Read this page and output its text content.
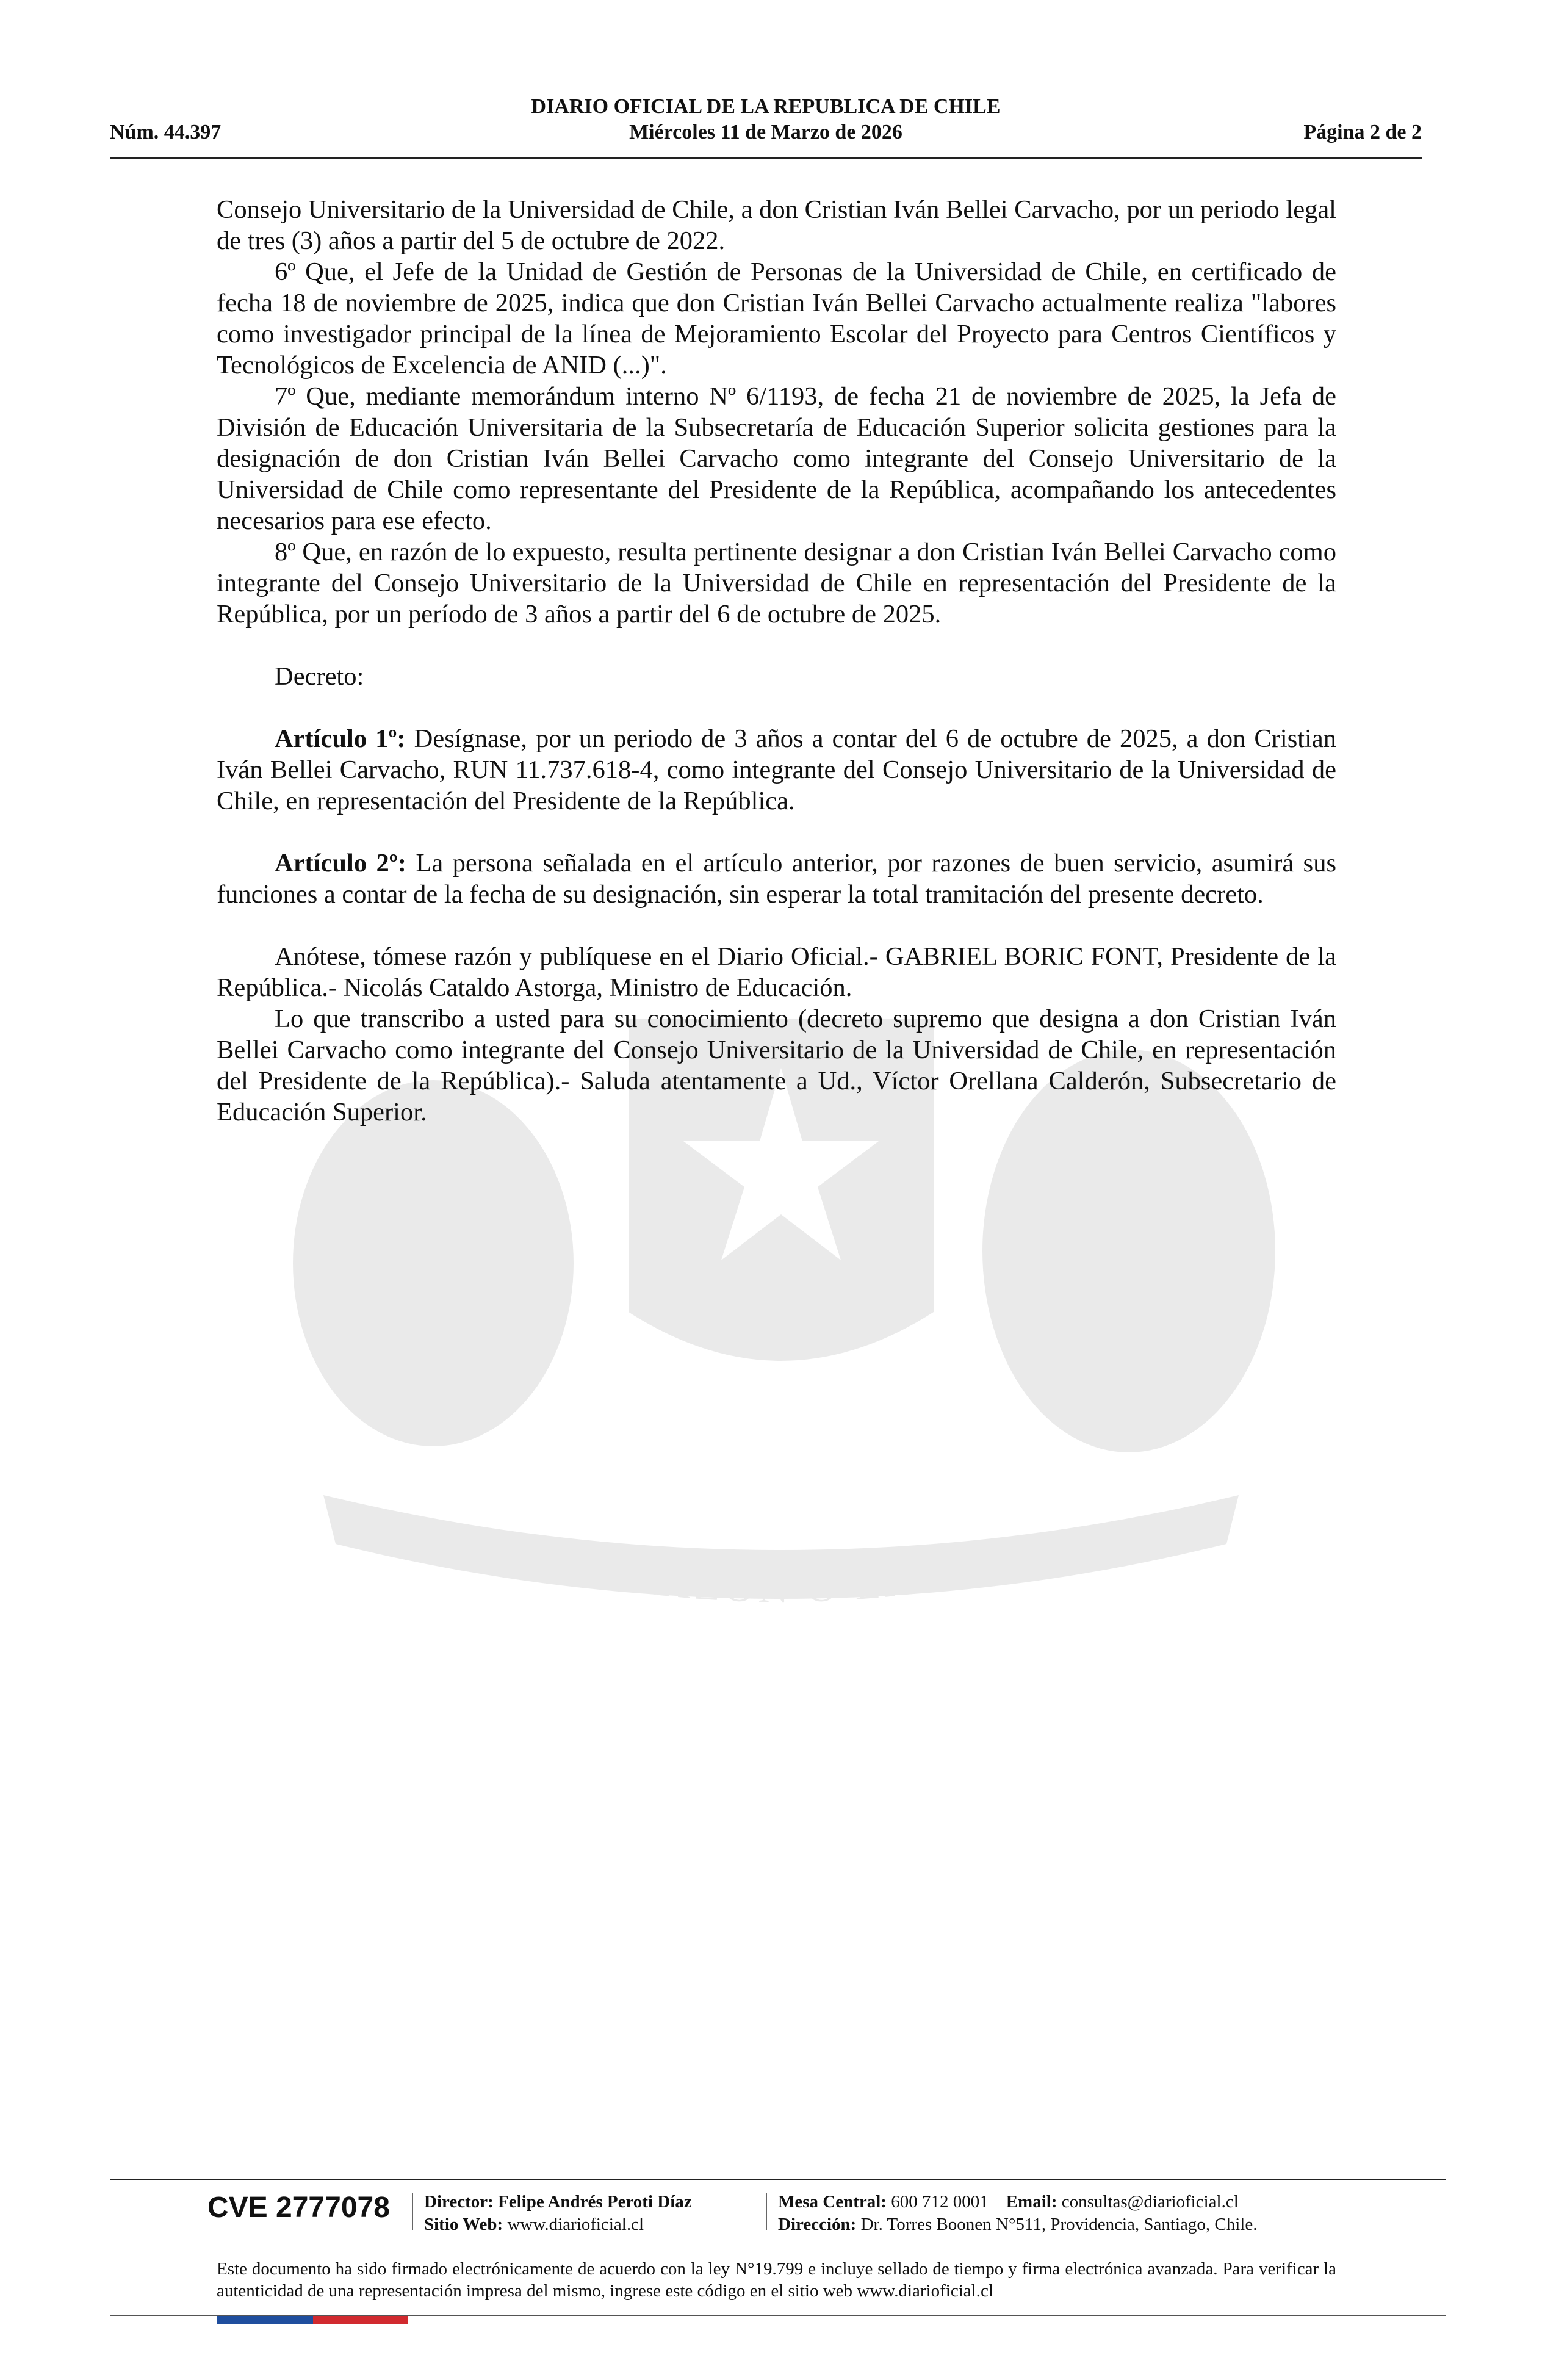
DIARIO OFICIAL DE LA REPUBLICA DE CHILE
Núm. 44.397	Miércoles 11 de Marzo de 2026	Página 2 de 2
POR LA RAZON O LA FUERZA

Consejo Universitario de la Universidad de Chile, a don Cristian Iván Bellei Carvacho, por un periodo legal de tres (3) años a partir del 5 de octubre de 2022.

6º Que, el Jefe de la Unidad de Gestión de Personas de la Universidad de Chile, en certificado de fecha 18 de noviembre de 2025, indica que don Cristian Iván Bellei Carvacho actualmente realiza "labores como investigador principal de la línea de Mejoramiento Escolar del Proyecto para Centros Científicos y Tecnológicos de Excelencia de ANID (...)".

7º Que, mediante memorándum interno Nº 6/1193, de fecha 21 de noviembre de 2025, la Jefa de División de Educación Universitaria de la Subsecretaría de Educación Superior solicita gestiones para la designación de don Cristian Iván Bellei Carvacho como integrante del Consejo Universitario de la Universidad de Chile como representante del Presidente de la República, acompañando los antecedentes necesarios para ese efecto.

8º Que, en razón de lo expuesto, resulta pertinente designar a don Cristian Iván Bellei Carvacho como integrante del Consejo Universitario de la Universidad de Chile en representación del Presidente de la República, por un período de 3 años a partir del 6 de octubre de 2025.

Decreto:

Artículo 1º: Desígnase, por un periodo de 3 años a contar del 6 de octubre de 2025, a don Cristian Iván Bellei Carvacho, RUN 11.737.618-4, como integrante del Consejo Universitario de la Universidad de Chile, en representación del Presidente de la República.

Artículo 2º: La persona señalada en el artículo anterior, por razones de buen servicio, asumirá sus funciones a contar de la fecha de su designación, sin esperar la total tramitación del presente decreto.

Anótese, tómese razón y publíquese en el Diario Oficial.- GABRIEL BORIC FONT, Presidente de la República.- Nicolás Cataldo Astorga, Ministro de Educación.

Lo que transcribo a usted para su conocimiento (decreto supremo que designa a don Cristian Iván Bellei Carvacho como integrante del Consejo Universitario de la Universidad de Chile, en representación del Presidente de la República).- Saluda atentamente a Ud., Víctor Orellana Calderón, Subsecretario de Educación Superior.

CVE 2777078 Director: Felipe Andrés Peroti Díaz
Sitio Web: www.diarioficial.cl
Mesa Central: 600 712 0001 Email: consultas@diarioficial.cl
Dirección: Dr. Torres Boonen N°511, Providencia, Santiago, Chile.
Este documento ha sido firmado electrónicamente de acuerdo con la ley N°19.799 e incluye sellado de tiempo y firma electrónica avanzada. Para verificar la autenticidad de una representación impresa del mismo, ingrese este código en el sitio web www.diarioficial.cl
